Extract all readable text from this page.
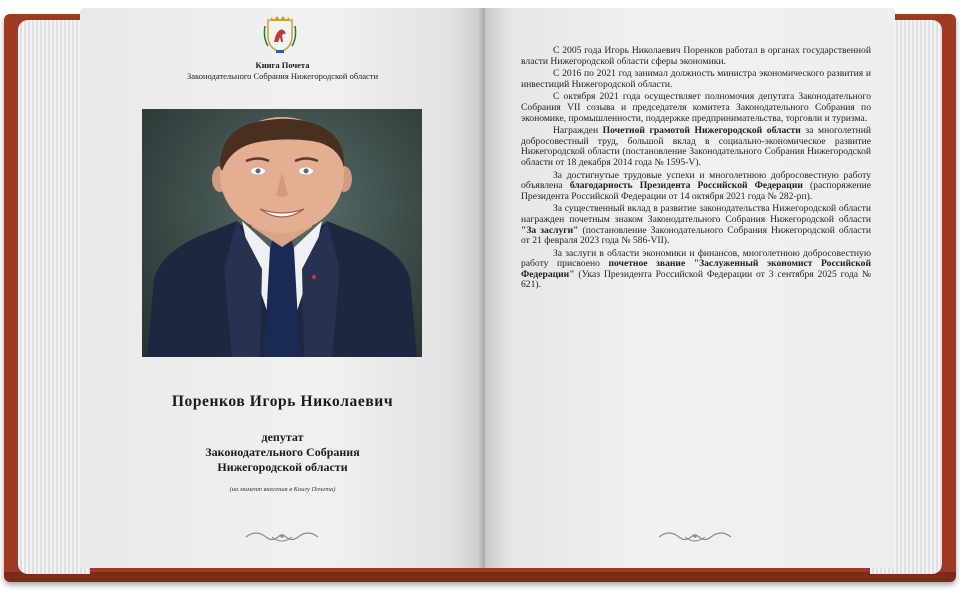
Книга Почета
Законодательного Собрания Нижегородской области
Поренков Игорь Николаевич
депутат
Законодательного Собрания
Нижегородской области
(на момент внесения в Книгу Почета)

С 2005 года Игорь Николаевич Поренков работал в органах государственной власти Нижегородской области сферы экономики.

С 2016 по 2021 год занимал должность министра экономического развития и инвестиций Нижегородской области.

С октября 2021 года осуществляет полномочия депутата Законодательного Собрания VII созыва и председателя комитета Законодательного Собрания по экономике, промышленности, поддержке предпринимательства, торговли и туризма.

Награжден Почетной грамотой Нижегородской области за многолетний добросовестный труд, большой вклад в социально-экономическое развитие Нижегородской области (постановление Законодательного Собрания Нижегородской области от 18 декабря 2014 года № 1595-V).

За достигнутые трудовые успехи и многолетнюю добросовестную работу объявлена благодарность Президента Российской Федерации (распоряжение Президента Российской Федерации от 14 октября 2021 года № 282-рп).

За существенный вклад в развитие законодательства Нижегородской области награжден почетным знаком Законодательного Собрания Нижегородской области "За заслуги" (постановление Законодательного Собрания Нижегородской области от 21 февраля 2023 года № 586-VII).

За заслуги в области экономики и финансов, многолетнюю добросовестную работу присвоено почетное звание "Заслуженный экономист Российской Федерации" (Указ Президента Российской Федерации от 3 сентября 2025 года № 621).
